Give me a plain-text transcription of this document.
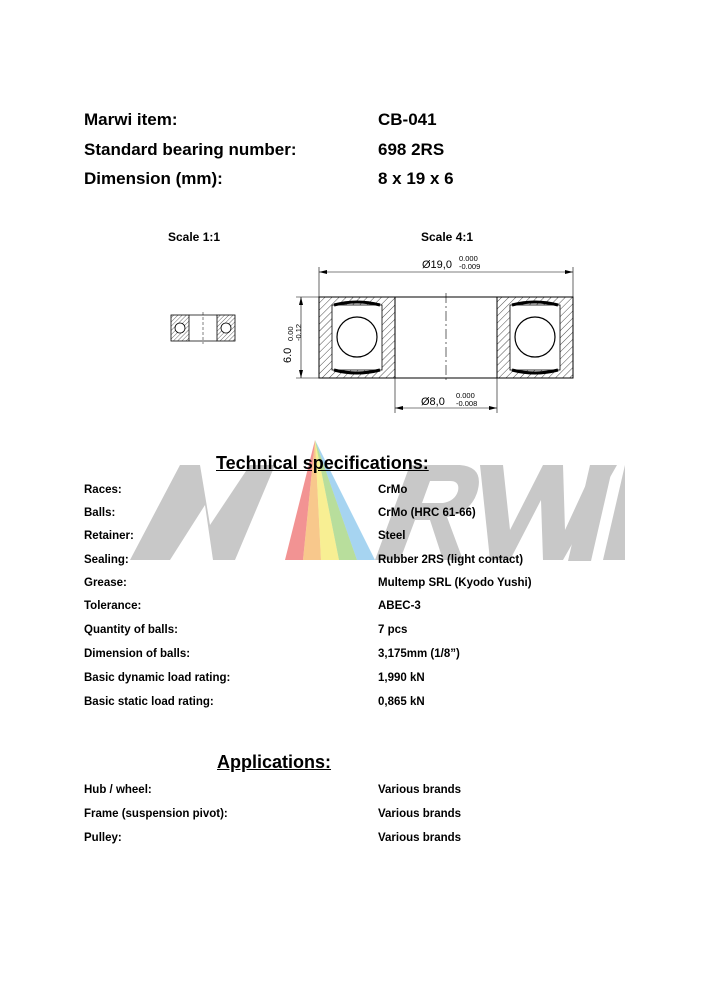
Marwi item:	CB-041
Standard bearing number:	698 2RS
Dimension (mm):	8 x 19 x 6
Scale 1:1	Scale 4:1
Ø19,0
0.000
-0.009
Ø8,0
0.000
-0.008
6.0
0.00 -0.12
Technical specifications:
Races:	CrMo
Balls:	CrMo (HRC 61-66)
Retainer:	Steel
Sealing:	Rubber 2RS (light contact)
Grease:	Multemp SRL (Kyodo Yushi)
Tolerance:	ABEC-3
Quantity of balls:	7 pcs
Dimension of balls:	3,175mm (1/8”)
Basic dynamic load rating:	1,990 kN
Basic static load rating:	0,865 kN
Applications:
Hub / wheel:	Various brands
Frame (suspension pivot):	Various brands
Pulley:	Various brands
